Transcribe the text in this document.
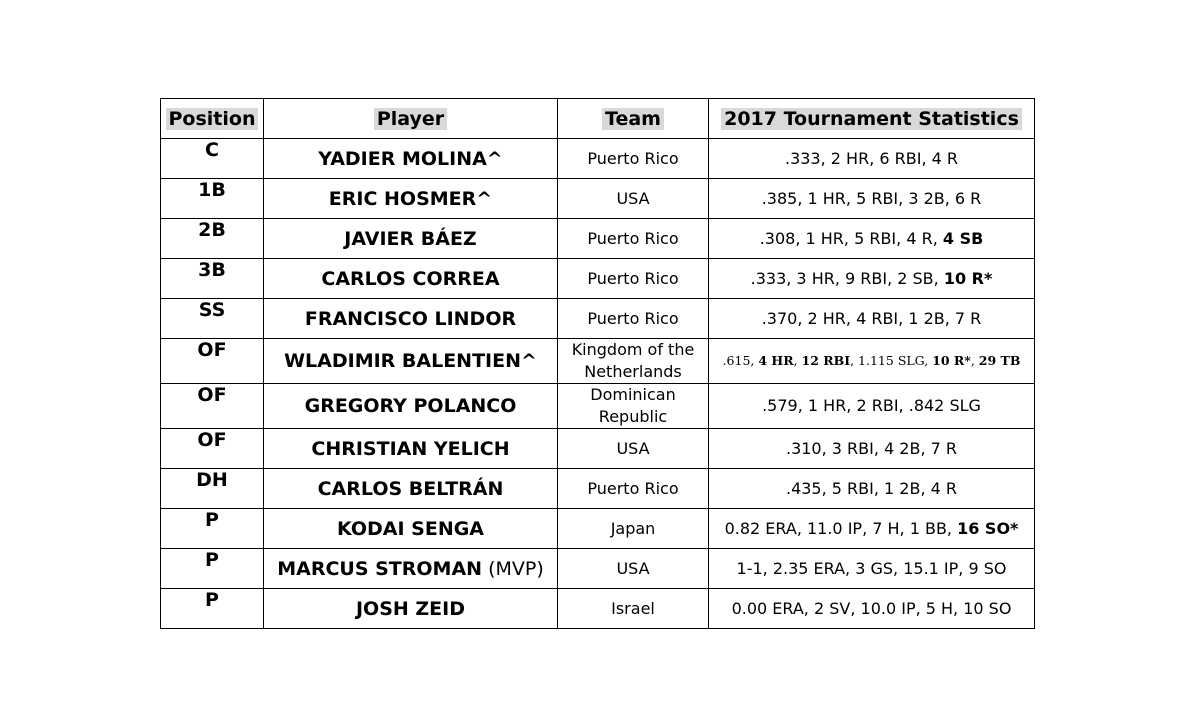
Position	Player	Team	2017 Tournament Statistics
C	YADIER MOLINA^	Puerto Rico	.333, 2 HR, 6 RBI, 4 R
1B	ERIC HOSMER^	USA	.385, 1 HR, 5 RBI, 3 2B, 6 R
2B	JAVIER BÁEZ	Puerto Rico	.308, 1 HR, 5 RBI, 4 R, 4 SB
3B	CARLOS CORREA	Puerto Rico	.333, 3 HR, 9 RBI, 2 SB, 10 R*
SS	FRANCISCO LINDOR	Puerto Rico	.370, 2 HR, 4 RBI, 1 2B, 7 R
OF	WLADIMIR BALENTIEN^	Kingdom of the Netherlands	.615, 4 HR, 12 RBI, 1.115 SLG, 10 R*, 29 TB
OF	GREGORY POLANCO	Dominican Republic	.579, 1 HR, 2 RBI, .842 SLG
OF	CHRISTIAN YELICH	USA	.310, 3 RBI, 4 2B, 7 R
DH	CARLOS BELTRÁN	Puerto Rico	.435, 5 RBI, 1 2B, 4 R
P	KODAI SENGA	Japan	0.82 ERA, 11.0 IP, 7 H, 1 BB, 16 SO*
P	MARCUS STROMAN (MVP)	USA	1-1, 2.35 ERA, 3 GS, 15.1 IP, 9 SO
P	JOSH ZEID	Israel	0.00 ERA, 2 SV, 10.0 IP, 5 H, 10 SO
